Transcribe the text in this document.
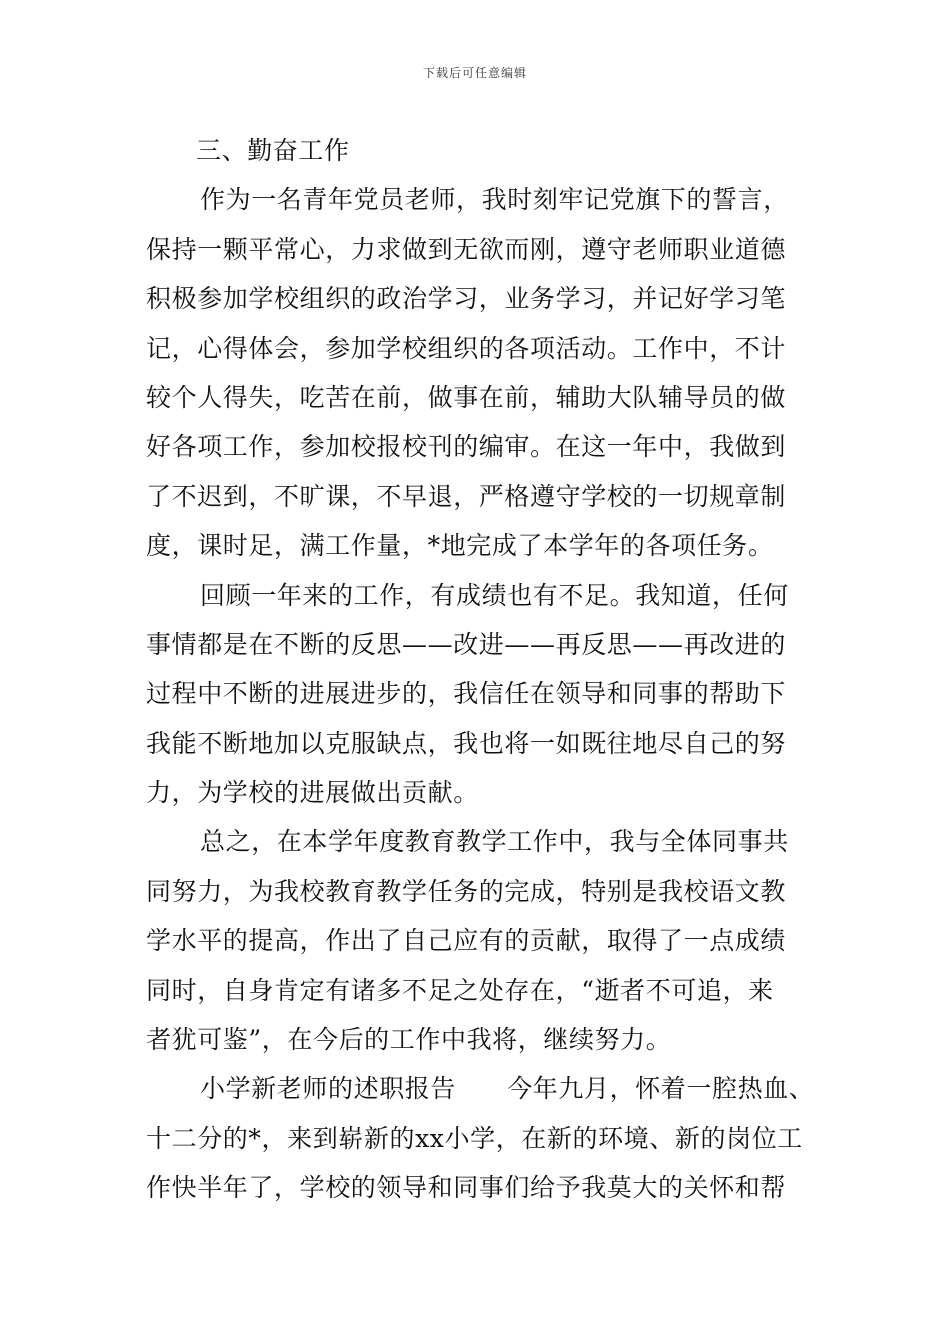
下载后可任意编辑
三、勤奋工作
作为一名青年党员老师，我时刻牢记党旗下的誓言，
保持一颗平常心，力求做到无欲而刚，遵守老师职业道德
积极参加学校组织的政治学习，业务学习，并记好学习笔
记，心得体会，参加学校组织的各项活动。工作中，不计
较个人得失，吃苦在前，做事在前，辅助大队辅导员的做
好各项工作，参加校报校刊的编审。在这一年中，我做到
了不迟到，不旷课，不早退，严格遵守学校的一切规章制
度，课时足，满工作量，*地完成了本学年的各项任务。
回顾一年来的工作，有成绩也有不足。我知道，任何
事情都是在不断的反思——改进——再反思——再改进的
过程中不断的进展进步的，我信任在领导和同事的帮助下
我能不断地加以克服缺点，我也将一如既往地尽自己的努
力，为学校的进展做出贡献。
总之，在本学年度教育教学工作中，我与全体同事共
同努力，为我校教育教学任务的完成，特别是我校语文教
学水平的提高，作出了自己应有的贡献，取得了一点成绩
同时，自身肯定有诸多不足之处存在，“逝者不可追，来
者犹可鉴”，在今后的工作中我将，继续努力。
小学新老师的述职报告　　今年九月，怀着一腔热血、
十二分的*，来到崭新的xx小学，在新的环境、新的岗位工
作快半年了，学校的领导和同事们给予我莫大的关怀和帮
